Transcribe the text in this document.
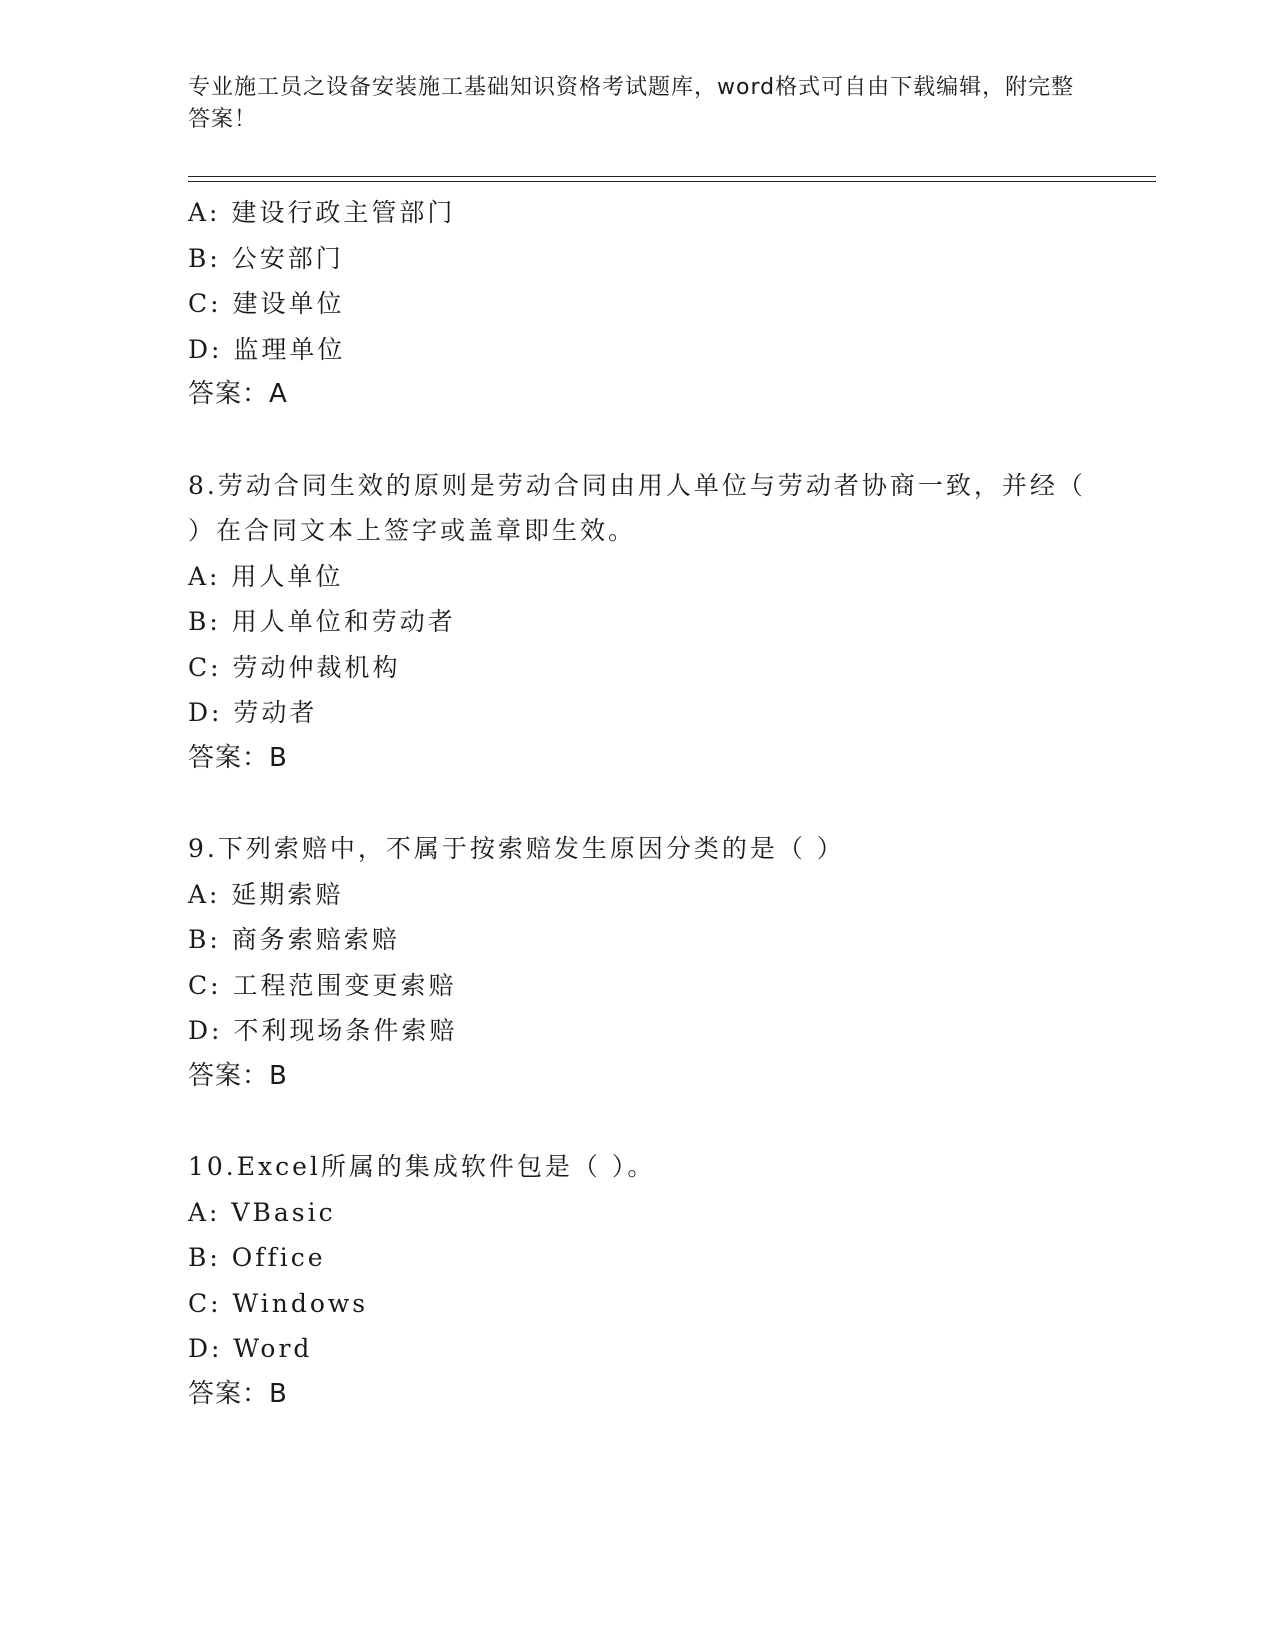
专业施工员之设备安装施工基础知识资格考试题库，word格式可自由下载编辑，附完整答案！
A: 建设行政主管部门
B: 公安部门
C: 建设单位
D: 监理单位
答案：A
8.劳动合同生效的原则是劳动合同由用人单位与劳动者协商一致，并经（ ）在合同文本上签字或盖章即生效。
A: 用人单位
B: 用人单位和劳动者
C: 劳动仲裁机构
D: 劳动者
答案：B
9.下列索赔中，不属于按索赔发生原因分类的是（ ）
A: 延期索赔
B: 商务索赔索赔
C: 工程范围变更索赔
D: 不利现场条件索赔
答案：B
10.Excel所属的集成软件包是（ ）。
A: VBasic
B: Office
C: Windows
D: Word
答案：B
